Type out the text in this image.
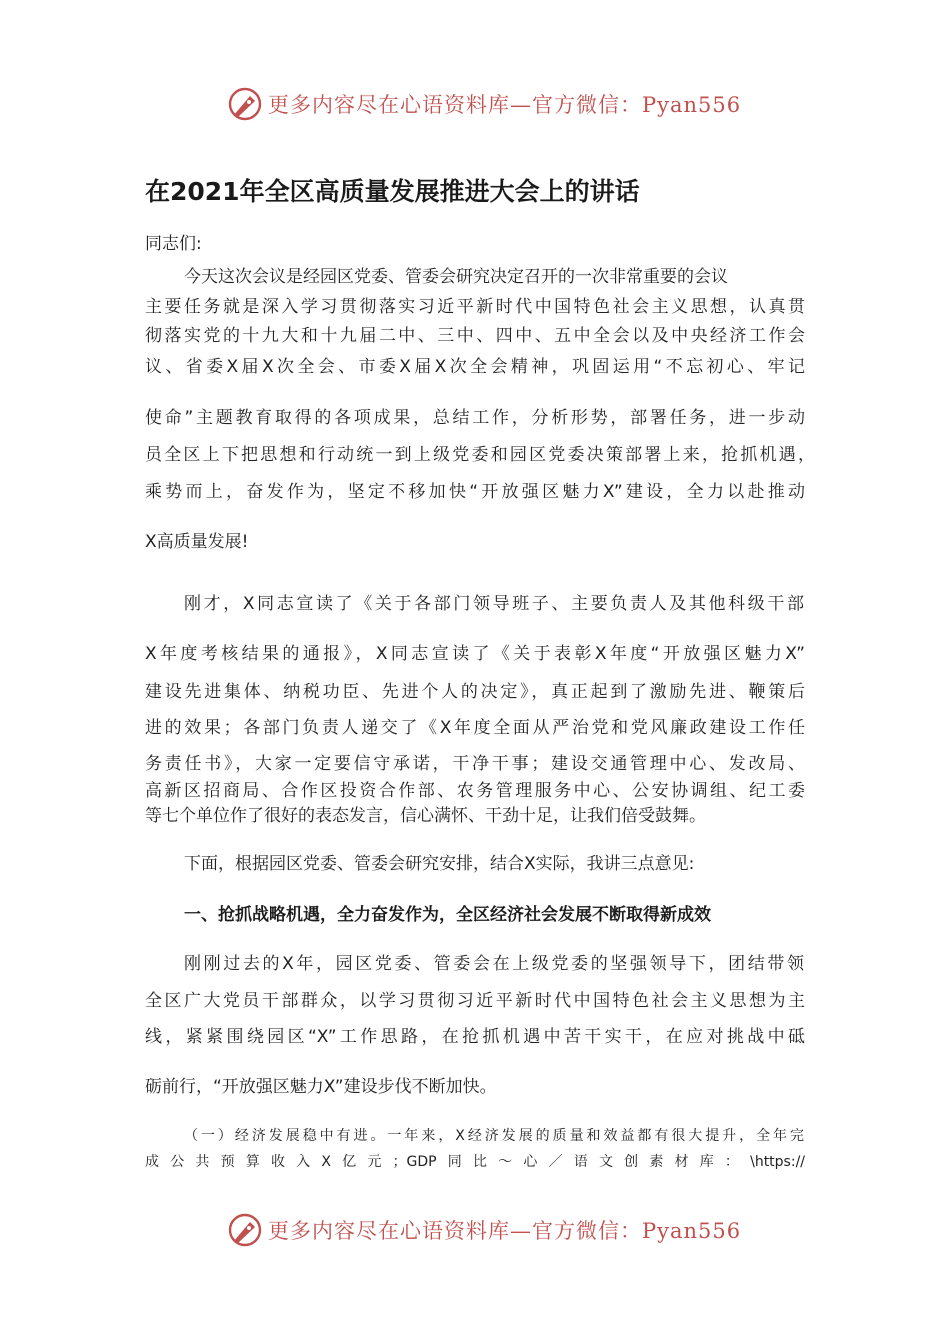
更多内容尽在心语资料库—官方微信：Pyan556
在2021年全区高质量发展推进大会上的讲话
同志们:
今天这次会议是经园区党委、管委会研究决定召开的一次非常重要的会议
主要任务就是深入学习贯彻落实习近平新时代中国特色社会主义思想，认真贯
彻落实党的十九大和十九届二中、三中、四中、五中全会以及中央经济工作会
议、省委X届X次全会、市委X届X次全会精神，巩固运用“不忘初心、牢记
使命”主题教育取得的各项成果，总结工作，分析形势，部署任务，进一步动
员全区上下把思想和行动统一到上级党委和园区党委决策部署上来，抢抓机遇，
乘势而上，奋发作为，坚定不移加快“开放强区魅力X”建设，全力以赴推动
X高质量发展!
刚才，X同志宣读了《关于各部门领导班子、主要负责人及其他科级干部
X年度考核结果的通报》，X同志宣读了《关于表彰X年度“开放强区魅力X”
建设先进集体、纳税功臣、先进个人的决定》，真正起到了激励先进、鞭策后
进的效果；各部门负责人递交了《X年度全面从严治党和党风廉政建设工作任
务责任书》，大家一定要信守承诺，干净干事；建设交通管理中心、发改局、
高新区招商局、合作区投资合作部、农务管理服务中心、公安协调组、纪工委
等七个单位作了很好的表态发言，信心满怀、干劲十足，让我们倍受鼓舞。
下面，根据园区党委、管委会研究安排，结合X实际，我讲三点意见:
一、抢抓战略机遇，全力奋发作为，全区经济社会发展不断取得新成效
刚刚过去的X年，园区党委、管委会在上级党委的坚强领导下，团结带领
全区广大党员干部群众，以学习贯彻习近平新时代中国特色社会主义思想为主
线，紧紧围绕园区“X”工作思路，在抢抓机遇中苦干实干，在应对挑战中砥
砺前行，“开放强区魅力X”建设步伐不断加快。
（一）经济发展稳中有进。一年来，X经济发展的质量和效益都有很大提升，全年完
成公共预算收入X亿元；GDP同比～心／语文创素材库：\https://
更多内容尽在心语资料库—官方微信：Pyan556
